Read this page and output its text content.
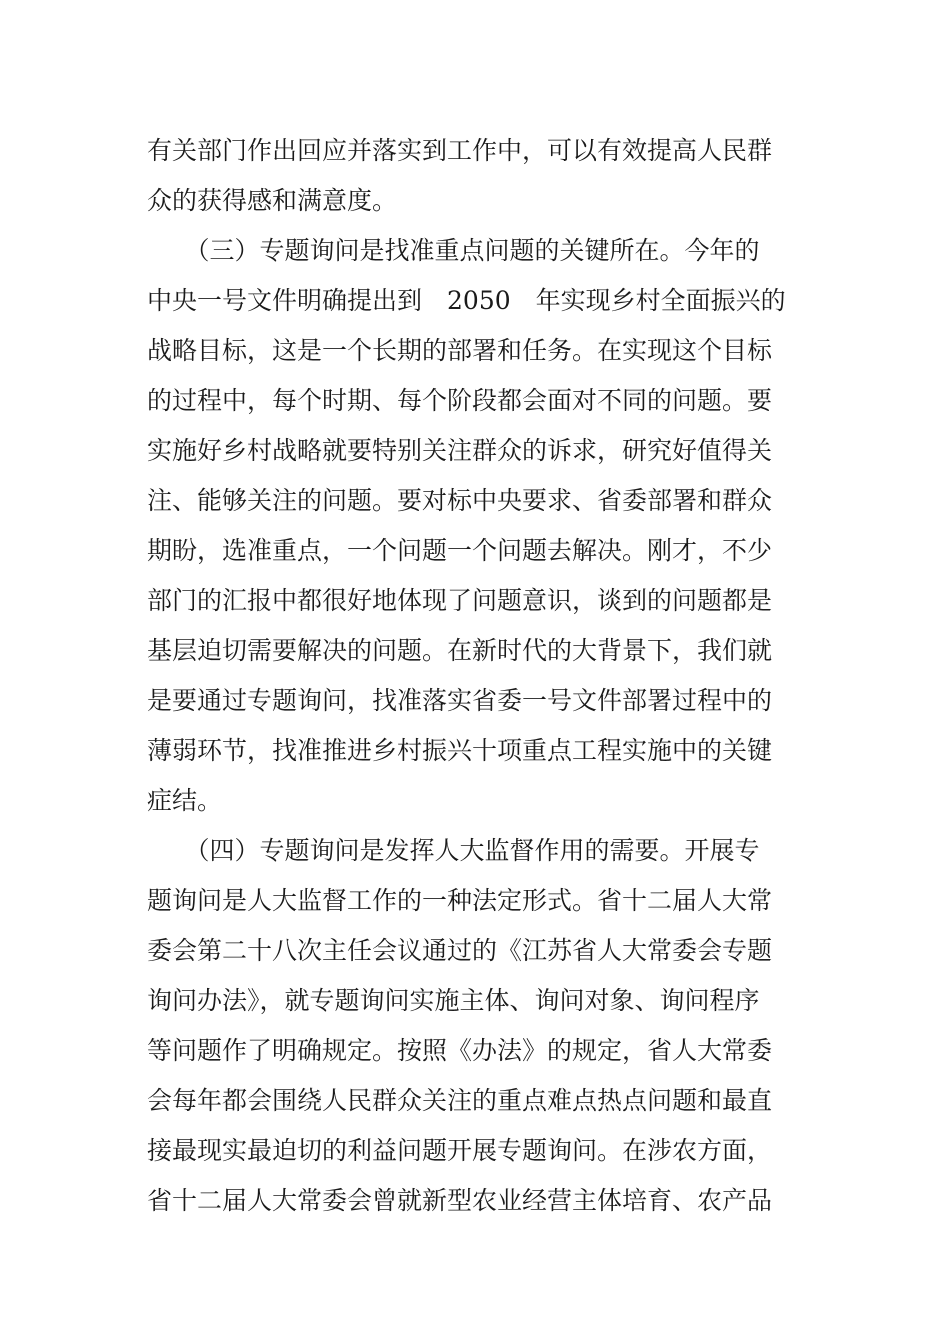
有关部门作出回应并落实到工作中，可以有效提高人民群
众的获得感和满意度。
　　（三）专题询问是找准重点问题的关键所在。今年的
中央一号文件明确提出到　2050　年实现乡村全面振兴的
战略目标，这是一个长期的部署和任务。在实现这个目标
的过程中，每个时期、每个阶段都会面对不同的问题。要
实施好乡村战略就要特别关注群众的诉求，研究好值得关
注、能够关注的问题。要对标中央要求、省委部署和群众
期盼，选准重点，一个问题一个问题去解决。刚才，不少
部门的汇报中都很好地体现了问题意识，谈到的问题都是
基层迫切需要解决的问题。在新时代的大背景下，我们就
是要通过专题询问，找准落实省委一号文件部署过程中的
薄弱环节，找准推进乡村振兴十项重点工程实施中的关键
症结。
　　（四）专题询问是发挥人大监督作用的需要。开展专
题询问是人大监督工作的一种法定形式。省十二届人大常
委会第二十八次主任会议通过的《江苏省人大常委会专题
询问办法》，就专题询问实施主体、询问对象、询问程序
等问题作了明确规定。按照《办法》的规定，省人大常委
会每年都会围绕人民群众关注的重点难点热点问题和最直
接最现实最迫切的利益问题开展专题询问。在涉农方面，
省十二届人大常委会曾就新型农业经营主体培育、农产品
